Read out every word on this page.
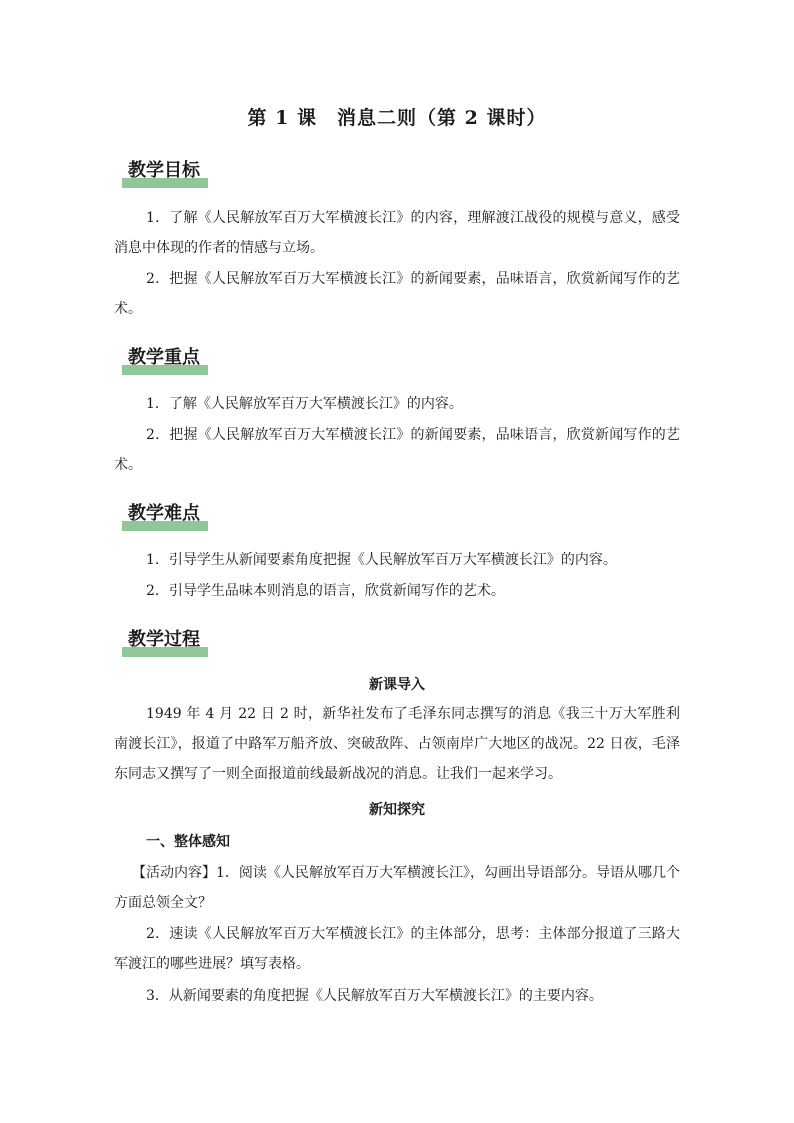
第 1 课　消息二则（第 2 课时）
教学目标
1．了解《人民解放军百万大军横渡长江》的内容，理解渡江战役的规模与意义，感受消息中体现的作者的情感与立场。
2．把握《人民解放军百万大军横渡长江》的新闻要素，品味语言，欣赏新闻写作的艺术。
教学重点
1．了解《人民解放军百万大军横渡长江》的内容。
2．把握《人民解放军百万大军横渡长江》的新闻要素，品味语言，欣赏新闻写作的艺术。
教学难点
1．引导学生从新闻要素角度把握《人民解放军百万大军横渡长江》的内容。
2．引导学生品味本则消息的语言，欣赏新闻写作的艺术。
教学过程
新课导入
1949 年 4 月 22 日 2 时，新华社发布了毛泽东同志撰写的消息《我三十万大军胜利南渡长江》，报道了中路军万船齐放、突破敌阵、占领南岸广大地区的战况。22 日夜，毛泽东同志又撰写了一则全面报道前线最新战况的消息。让我们一起来学习。
新知探究
一、整体感知
【活动内容】1．阅读《人民解放军百万大军横渡长江》，勾画出导语部分。导语从哪几个方面总领全文？
2．速读《人民解放军百万大军横渡长江》的主体部分，思考：主体部分报道了三路大军渡江的哪些进展？填写表格。
3．从新闻要素的角度把握《人民解放军百万大军横渡长江》的主要内容。
